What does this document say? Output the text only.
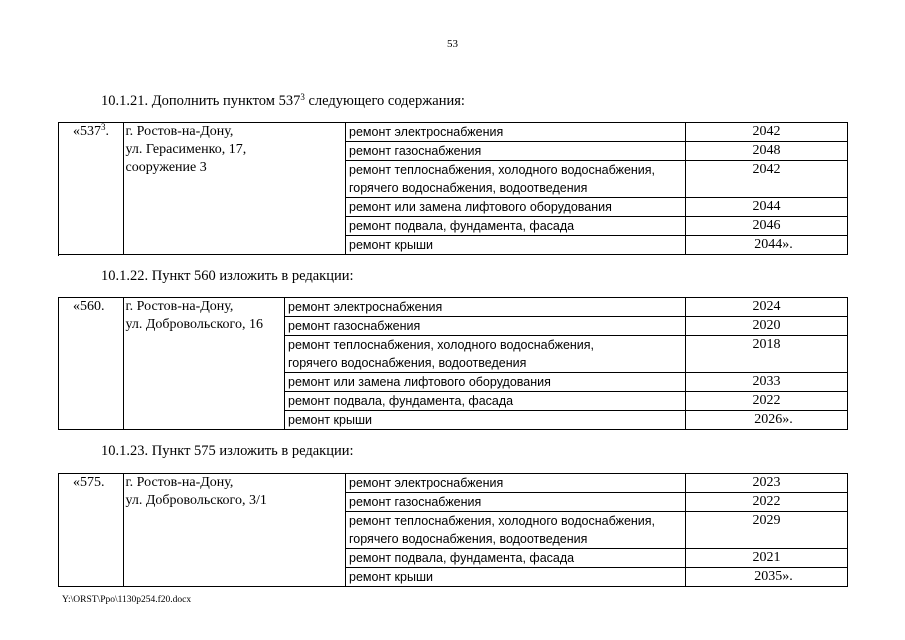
53
10.1.21. Дополнить пунктом $537^3$ следующего содержания:
«$537^3$.	г. Ростов-на-Дону,
ул. Герасименко, 17,
сооружение 3	ремонт электроснабжения	2042
		ремонт газоснабжения	2048

		ремонт теплоснабжения, холодного водоснабжения,
горячего водоснабжения, водоотведения	2042
		ремонт или замена лифтового оборудования	2044
		ремонт подвала, фундамента, фасада	2046
		ремонт крыши	2044».

10.1.22. Пункт 560 изложить в редакции:
«560.	г. Ростов-на-Дону,
ул. Добровольского, 16	ремонт электроснабжения	2024
		ремонт газоснабжения	2020

		ремонт теплоснабжения, холодного водоснабжения,
горячего водоснабжения, водоотведения	2018
		ремонт или замена лифтового оборудования	2033
		ремонт подвала, фундамента, фасада	2022
		ремонт крыши	2026».
10.1.23. Пункт 575 изложить в редакции:
«575.	г. Ростов-на-Дону,
ул. Добровольского, 3/1	ремонт электроснабжения	2023
		ремонт газоснабжения	2022

		ремонт теплоснабжения, холодного водоснабжения,
горячего водоснабжения, водоотведения	2029
		ремонт подвала, фундамента, фасада	2021
		ремонт крыши	2035».
Y:\ORST\Ppo\1130p254.f20.docx
